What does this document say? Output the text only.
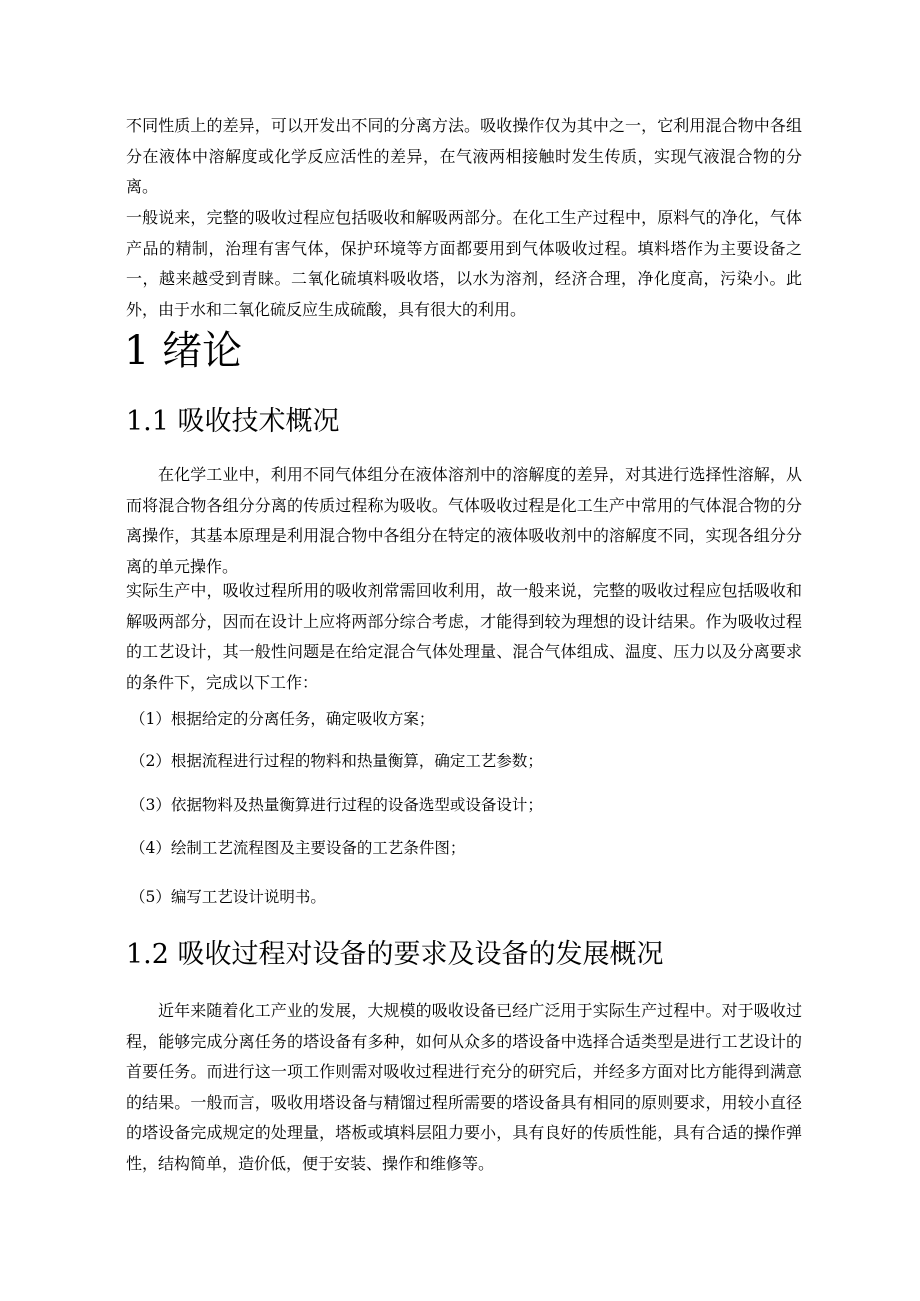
不同性质上的差异，可以开发出不同的分离方法。吸收操作仅为其中之一，它利用混合物中各组分在液体中溶解度或化学反应活性的差异，在气液两相接触时发生传质，实现气液混合物的分离。

一般说来，完整的吸收过程应包括吸收和解吸两部分。在化工生产过程中，原料气的净化，气体产品的精制，治理有害气体，保护环境等方面都要用到气体吸收过程。填料塔作为主要设备之一，越来越受到青睐。二氧化硫填料吸收塔，以水为溶剂，经济合理，净化度高，污染小。此外，由于水和二氧化硫反应生成硫酸，具有很大的利用。

1 绪论
1.1 吸收技术概况

在化学工业中，利用不同气体组分在液体溶剂中的溶解度的差异，对其进行选择性溶解，从而将混合物各组分分离的传质过程称为吸收。气体吸收过程是化工生产中常用的气体混合物的分离操作，其基本原理是利用混合物中各组分在特定的液体吸收剂中的溶解度不同，实现各组分分离的单元操作。

实际生产中，吸收过程所用的吸收剂常需回收利用，故一般来说，完整的吸收过程应包括吸收和解吸两部分，因而在设计上应将两部分综合考虑，才能得到较为理想的设计结果。作为吸收过程的工艺设计，其一般性问题是在给定混合气体处理量、混合气体组成、温度、压力以及分离要求的条件下，完成以下工作：

（1）根据给定的分离任务，确定吸收方案；

（2）根据流程进行过程的物料和热量衡算，确定工艺参数；

（3）依据物料及热量衡算进行过程的设备选型或设备设计；

（4）绘制工艺流程图及主要设备的工艺条件图；

（5）编写工艺设计说明书。

1.2 吸收过程对设备的要求及设备的发展概况

近年来随着化工产业的发展，大规模的吸收设备已经广泛用于实际生产过程中。对于吸收过程，能够完成分离任务的塔设备有多种，如何从众多的塔设备中选择合适类型是进行工艺设计的首要任务。而进行这一项工作则需对吸收过程进行充分的研究后，并经多方面对比方能得到满意的结果。一般而言，吸收用塔设备与精馏过程所需要的塔设备具有相同的原则要求，用较小直径的塔设备完成规定的处理量，塔板或填料层阻力要小，具有良好的传质性能，具有合适的操作弹性，结构简单，造价低，便于安装、操作和维修等。
